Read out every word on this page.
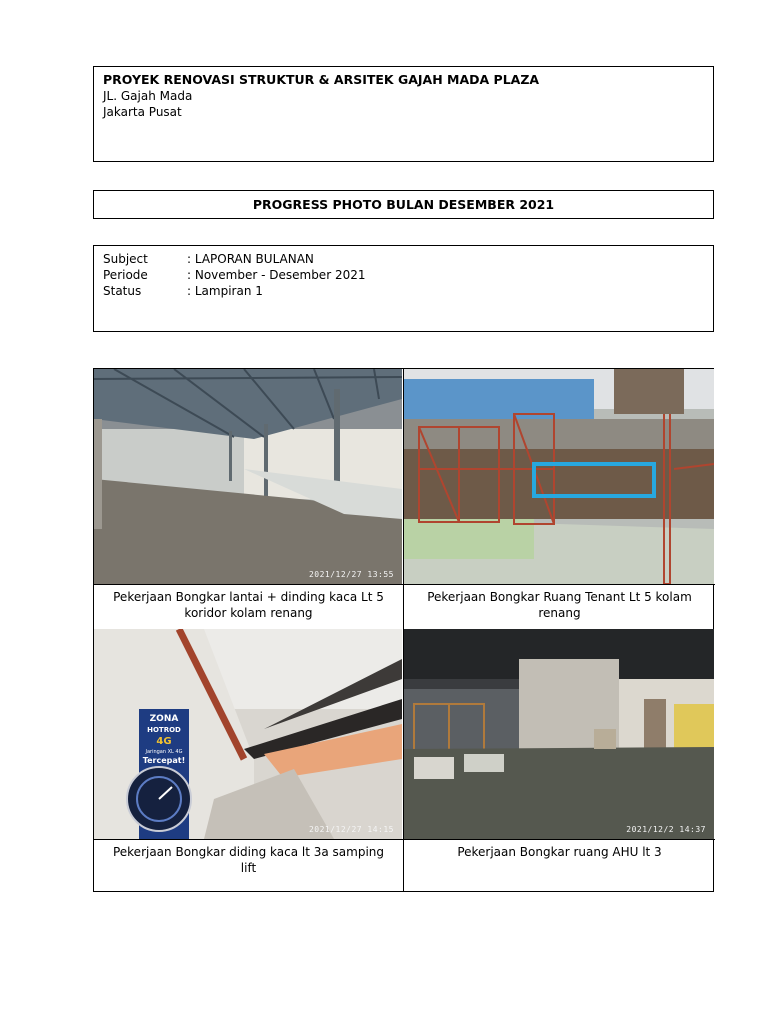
PROYEK RENOVASI STRUKTUR & ARSITEK GAJAH MADA PLAZA
JL. Gajah Mada
Jakarta Pusat
PROGRESS PHOTO BULAN DESEMBER 2021
Subject	: LAPORAN BULANAN
Periode	: November - Desember 2021
Status	: Lampiran 1
2021/12/27 13:55
Pekerjaan Bongkar lantai + dinding kaca Lt 5 koridor kolam renang
Pekerjaan Bongkar Ruang Tenant Lt 5 kolam renang
ZONA
HOTROD
4G
Jaringan XL 4G
Tercepat!
2021/12/27 14:15
Pekerjaan Bongkar diding kaca lt 3a samping lift
2021/12/2 14:37
Pekerjaan Bongkar ruang AHU lt 3
